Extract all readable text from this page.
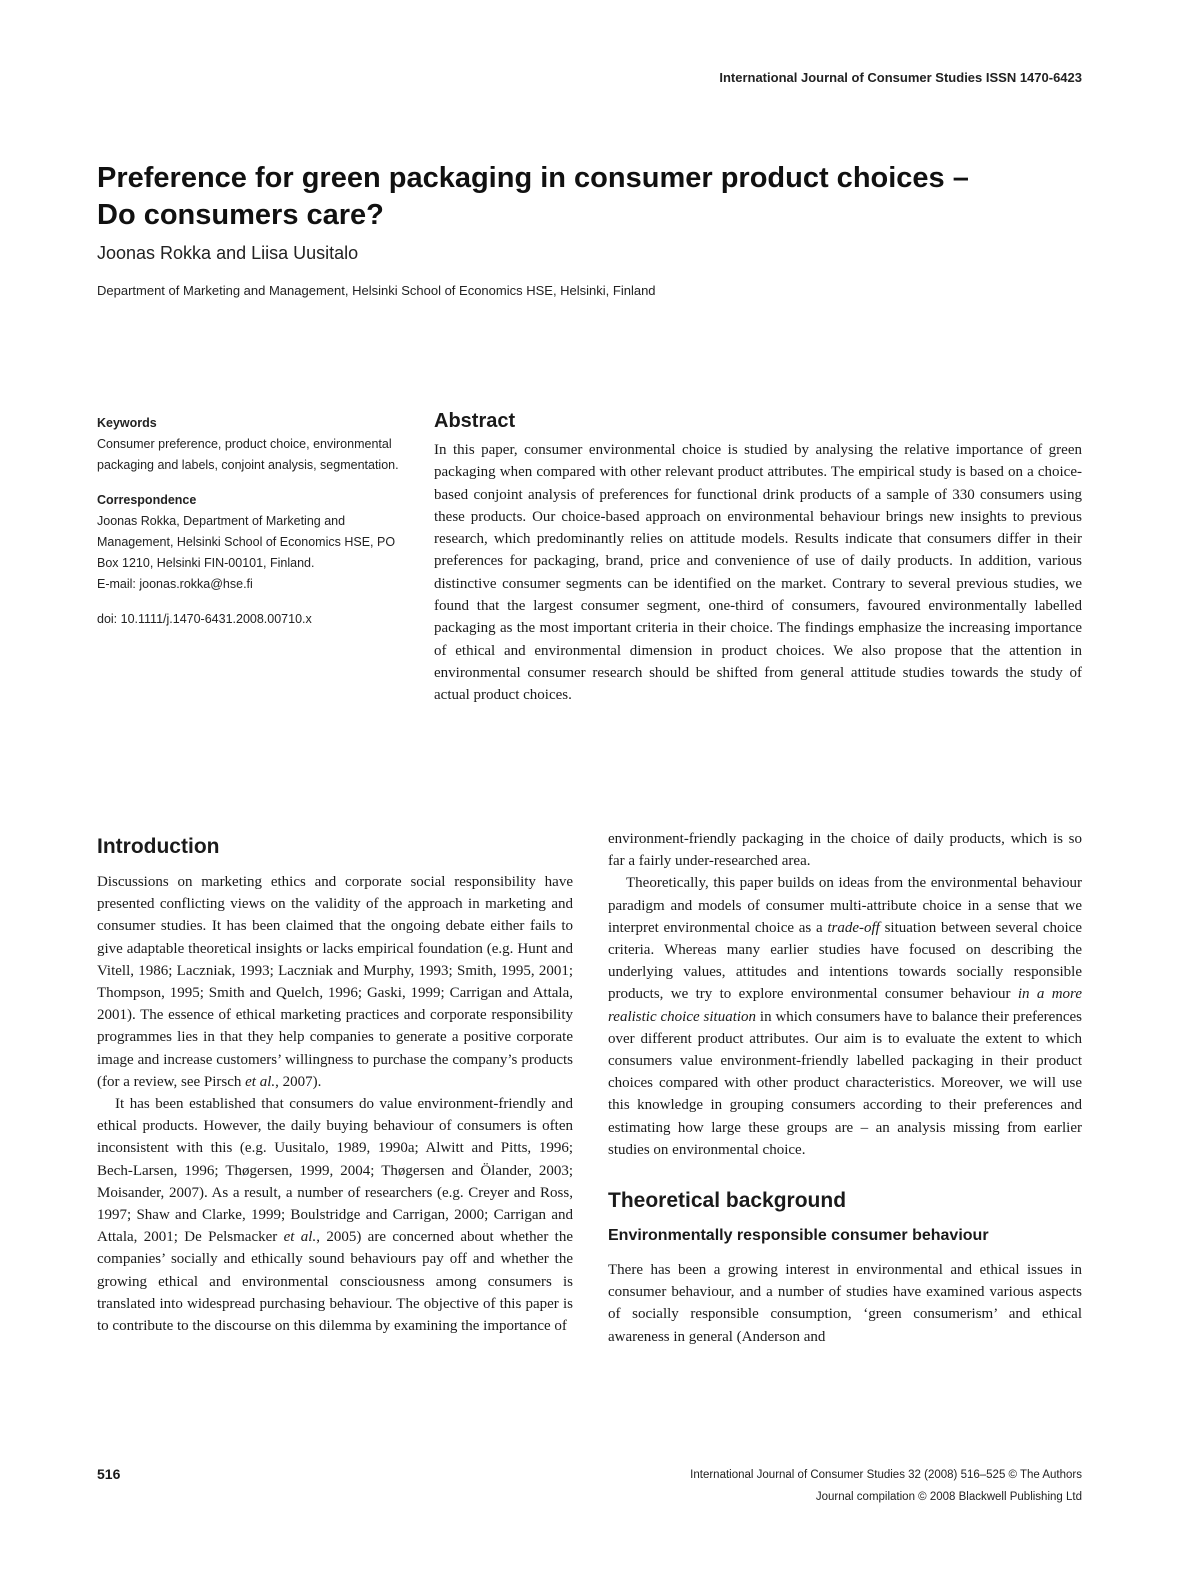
International Journal of Consumer Studies ISSN 1470-6423
Preference for green packaging in consumer product choices – Do consumers care?
Joonas Rokka and Liisa Uusitalo
Department of Marketing and Management, Helsinki School of Economics HSE, Helsinki, Finland
Keywords
Consumer preference, product choice, environmental packaging and labels, conjoint analysis, segmentation.
Correspondence
Joonas Rokka, Department of Marketing and Management, Helsinki School of Economics HSE, PO Box 1210, Helsinki FIN-00101, Finland.
E-mail: joonas.rokka@hse.fi
doi: 10.1111/j.1470-6431.2008.00710.x
Abstract

In this paper, consumer environmental choice is studied by analysing the relative importance of green packaging when compared with other relevant product attributes. The empirical study is based on a choice-based conjoint analysis of preferences for functional drink products of a sample of 330 consumers using these products. Our choice-based approach on environmental behaviour brings new insights to previous research, which predominantly relies on attitude models. Results indicate that consumers differ in their preferences for packaging, brand, price and convenience of use of daily products. In addition, various distinctive consumer segments can be identified on the market. Contrary to several previous studies, we found that the largest consumer segment, one-third of consumers, favoured environmentally labelled packaging as the most important criteria in their choice. The findings emphasize the increasing importance of ethical and environmental dimension in product choices. We also propose that the attention in environmental consumer research should be shifted from general attitude studies towards the study of actual product choices.

Introduction

Discussions on marketing ethics and corporate social responsibility have presented conflicting views on the validity of the approach in marketing and consumer studies. It has been claimed that the ongoing debate either fails to give adaptable theoretical insights or lacks empirical foundation (e.g. Hunt and Vitell, 1986; Laczniak, 1993; Laczniak and Murphy, 1993; Smith, 1995, 2001; Thompson, 1995; Smith and Quelch, 1996; Gaski, 1999; Carrigan and Attala, 2001). The essence of ethical marketing practices and corporate responsibility programmes lies in that they help companies to generate a positive corporate image and increase customers’ willingness to purchase the company’s products (for a review, see Pirsch et al., 2007).

It has been established that consumers do value environment-friendly and ethical products. However, the daily buying behaviour of consumers is often inconsistent with this (e.g. Uusitalo, 1989, 1990a; Alwitt and Pitts, 1996; Bech-Larsen, 1996; Thøgersen, 1999, 2004; Thøgersen and Ölander, 2003; Moisander, 2007). As a result, a number of researchers (e.g. Creyer and Ross, 1997; Shaw and Clarke, 1999; Boulstridge and Carrigan, 2000; Carrigan and Attala, 2001; De Pelsmacker et al., 2005) are concerned about whether the companies’ socially and ethically sound behaviours pay off and whether the growing ethical and environmental consciousness among consumers is translated into widespread purchasing behaviour. The objective of this paper is to contribute to the discourse on this dilemma by examining the importance of

environment-friendly packaging in the choice of daily products, which is so far a fairly under-researched area.

Theoretically, this paper builds on ideas from the environmental behaviour paradigm and models of consumer multi-attribute choice in a sense that we interpret environmental choice as a trade-off situation between several choice criteria. Whereas many earlier studies have focused on describing the underlying values, attitudes and intentions towards socially responsible products, we try to explore environmental consumer behaviour in a more realistic choice situation in which consumers have to balance their preferences over different product attributes. Our aim is to evaluate the extent to which consumers value environment-friendly labelled packaging in their product choices compared with other product characteristics. Moreover, we will use this knowledge in grouping consumers according to their preferences and estimating how large these groups are – an analysis missing from earlier studies on environmental choice.

Theoretical background
Environmentally responsible consumer behaviour

There has been a growing interest in environmental and ethical issues in consumer behaviour, and a number of studies have examined various aspects of socially responsible consumption, ‘green consumerism’ and ethical awareness in general (Anderson and

516	International Journal of Consumer Studies 32 (2008) 516–525 © The Authors
Journal compilation © 2008 Blackwell Publishing Ltd
